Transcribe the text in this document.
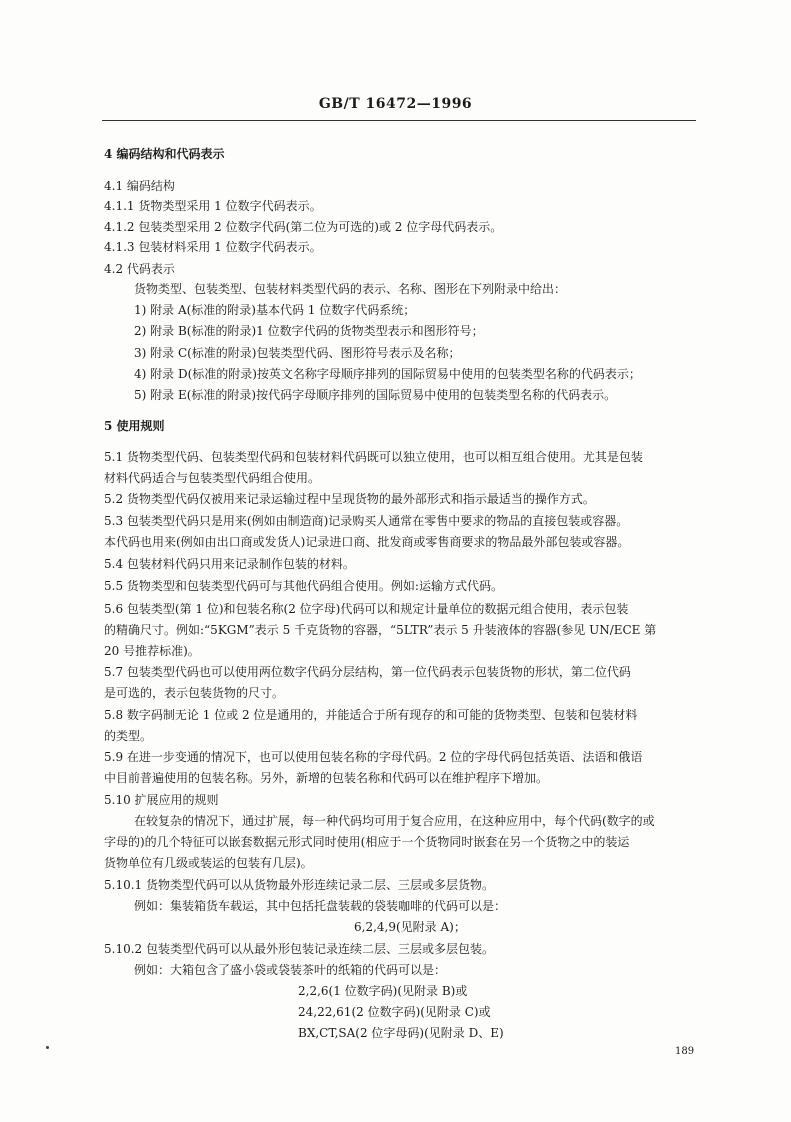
GB/T 16472—1996
4 编码结构和代码表示
4.1 编码结构
4.1.1 货物类型采用 1 位数字代码表示。
4.1.2 包装类型采用 2 位数字代码(第二位为可选的)或 2 位字母代码表示。
4.1.3 包装材料采用 1 位数字代码表示。
4.2 代码表示
货物类型、包装类型、包装材料类型代码的表示、名称、图形在下列附录中给出：
1) 附录 A(标准的附录)基本代码 1 位数字代码系统；
2) 附录 B(标准的附录)1 位数字代码的货物类型表示和图形符号；
3) 附录 C(标准的附录)包装类型代码、图形符号表示及名称；
4) 附录 D(标准的附录)按英文名称字母顺序排列的国际贸易中使用的包装类型名称的代码表示；
5) 附录 E(标准的附录)按代码字母顺序排列的国际贸易中使用的包装类型名称的代码表示。
5 使用规则
5.1 货物类型代码、包装类型代码和包装材料代码既可以独立使用，也可以相互组合使用。尤其是包装
材料代码适合与包装类型代码组合使用。
5.2 货物类型代码仅被用来记录运输过程中呈现货物的最外部形式和指示最适当的操作方式。
5.3 包装类型代码只是用来(例如由制造商)记录购买人通常在零售中要求的物品的直接包装或容器。
本代码也用来(例如由出口商或发货人)记录进口商、批发商或零售商要求的物品最外部包装或容器。
5.4 包装材料代码只用来记录制作包装的材料。
5.5 货物类型和包装类型代码可与其他代码组合使用。例如:运输方式代码。
5.6 包装类型(第 1 位)和包装名称(2 位字母)代码可以和规定计量单位的数据元组合使用，表示包装
的精确尺寸。例如:“5KGM”表示 5 千克货物的容器，“5LTR”表示 5 升装液体的容器(参见 UN/ECE 第
20 号推荐标准)。
5.7 包装类型代码也可以使用两位数字代码分层结构，第一位代码表示包装货物的形状，第二位代码
是可选的，表示包装货物的尺寸。
5.8 数字码制无论 1 位或 2 位是通用的，并能适合于所有现存的和可能的货物类型、包装和包装材料
的类型。
5.9 在进一步变通的情况下，也可以使用包装名称的字母代码。2 位的字母代码包括英语、法语和俄语
中目前普遍使用的包装名称。另外，新增的包装名称和代码可以在维护程序下增加。
5.10 扩展应用的规则
在较复杂的情况下，通过扩展，每一种代码均可用于复合应用，在这种应用中，每个代码(数字的或
字母的)的几个特征可以嵌套数据元形式同时使用(相应于一个货物同时嵌套在另一个货物之中的装运
货物单位有几级或装运的包装有几层)。
5.10.1 货物类型代码可以从货物最外形连续记录二层、三层或多层货物。
例如：集装箱货车载运，其中包括托盘装载的袋装咖啡的代码可以是：
6,2,4,9(见附录 A)；
5.10.2 包装类型代码可以从最外形包装记录连续二层、三层或多层包装。
例如：大箱包含了盛小袋或袋装茶叶的纸箱的代码可以是：
2,2,6(1 位数字码)(见附录 B)或
24,22,61(2 位数字码)(见附录 C)或
BX,CT,SA(2 位字母码)(见附录 D、E)
189
